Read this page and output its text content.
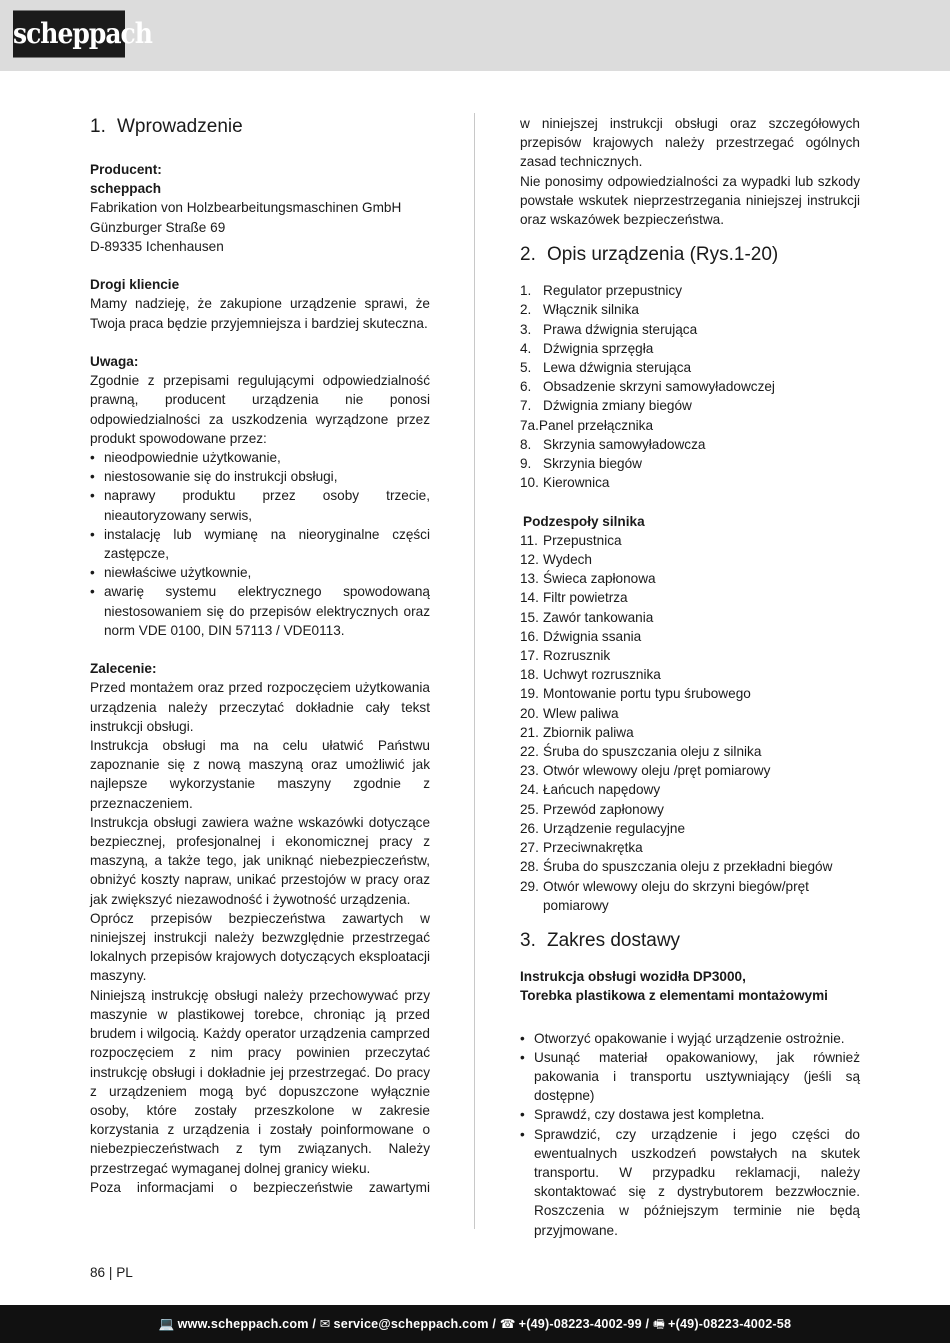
scheppach
1. Wprowadzenie

Producent:

scheppach

Fabrikation von Holzbearbeitungsmaschinen GmbH

Günzburger Straße 69

D-89335 Ichenhausen

Drogi kliencie

Mamy nadzieję, że zakupione urządzenie sprawi, że Twoja praca będzie przyjemniejsza i bardziej skuteczna.

Uwaga:

Zgodnie z przepisami regulującymi odpowiedzialność prawną, producent urządzenia nie ponosi odpowiedzialności za uszkodzenia wyrządzone przez produkt spowodowane przez:

• nieodpowiednie użytkowanie,
• niestosowanie się do instrukcji obsługi,
• naprawy produktu przez osoby trzecie, nieautoryzowany serwis,
• instalację lub wymianę na nieoryginalne części zastępcze,
• niewłaściwe użytkownie,
• awarię systemu elektrycznego spowodowaną niestosowaniem się do przepisów elektrycznych oraz norm VDE 0100, DIN 57113 / VDE0113.

Zalecenie:

Przed montażem oraz przed rozpoczęciem użytkowania urządzenia należy przeczytać dokładnie cały tekst instrukcji obsługi.

Instrukcja obsługi ma na celu ułatwić Państwu zapoznanie się z nową maszyną oraz umożliwić jak najlepsze wykorzystanie maszyny zgodnie z przeznaczeniem.

Instrukcja obsługi zawiera ważne wskazówki dotyczące bezpiecznej, profesjonalnej i ekonomicznej pracy z maszyną, a także tego, jak uniknąć niebezpieczeństw, obniżyć koszty napraw, unikać przestojów w pracy oraz jak zwiększyć niezawodność i żywotność urządzenia.

Oprócz przepisów bezpieczeństwa zawartych w niniejszej instrukcji należy bezwzględnie przestrzegać lokalnych przepisów krajowych dotyczących eksploatacji maszyny.

Niniejszą instrukcję obsługi należy przechowywać przy maszynie w plastikowej torebce, chroniąc ją przed brudem i wilgocią. Każdy operator urządzenia camprzed rozpoczęciem z nim pracy powinien przeczytać instrukcję obsługi i dokładnie jej przestrzegać. Do pracy z urządzeniem mogą być dopuszczone wyłącznie osoby, które zostały przeszkolone w zakresie korzystania z urządzenia i zostały poinformowane o niebezpieczeństwach z tym związanych. Należy przestrzegać wymaganej dolnej granicy wieku.

Poza informacjami o bezpieczeństwie zawartymi

w niniejszej instrukcji obsługi oraz szczegółowych przepisów krajowych należy przestrzegać ogólnych zasad technicznych.

Nie ponosimy odpowiedzialności za wypadki lub szkody powstałe wskutek nieprzestrzegania niniejszej instrukcji oraz wskazówek bezpieczeństwa.

2. Opis urządzenia (Rys.1-20)
1. Regulator przepustnicy
2. Włącznik silnika
3. Prawa dźwignia sterująca
4. Dźwignia sprzęgła
5. Lewa dźwignia sterująca
6. Obsadzenie skrzyni samowyładowczej
7. Dźwignia zmiany biegów
7a.Panel przełącznika
8. Skrzynia samowyładowcza
9. Skrzynia biegów
10. Kierownica

Podzespoły silnika

11. Przepustnica
12. Wydech
13. Świeca zapłonowa
14. Filtr powietrza
15. Zawór tankowania
16. Dźwignia ssania
17. Rozrusznik
18. Uchwyt rozrusznika
19. Montowanie portu typu śrubowego
20. Wlew paliwa
21. Zbiornik paliwa
22. Śruba do spuszczania oleju z silnika
23. Otwór wlewowy oleju /pręt pomiarowy
24. Łańcuch napędowy
25. Przewód zapłonowy
26. Urządzenie regulacyjne
27. Przeciwnakrętka
28. Śruba do spuszczania oleju z przekładni biegów
29. Otwór wlewowy oleju do skrzyni biegów/pręt pomiarowy
3. Zakres dostawy

Instrukcja obsługi wozidła DP3000,

Torebka plastikowa z elementami montażowymi

• Otworzyć opakowanie i wyjąć urządzenie ostrożnie.
• Usunąć materiał opakowaniowy, jak również pakowania i transportu usztywniający (jeśli są dostępne)
• Sprawdź, czy dostawa jest kompletna.
• Sprawdzić, czy urządzenie i jego części do ewentualnych uszkodzeń powstałych na skutek transportu. W przypadku reklamacji, należy skontaktować się z dystrybutorem bezzwłocznie. Roszczenia w późniejszym terminie nie będą przyjmowane.
86 | PL
💻 www.scheppach.com / ✉ service@scheppach.com / ☎ +(49)-08223-4002-99 / 🖷 +(49)-08223-4002-58
